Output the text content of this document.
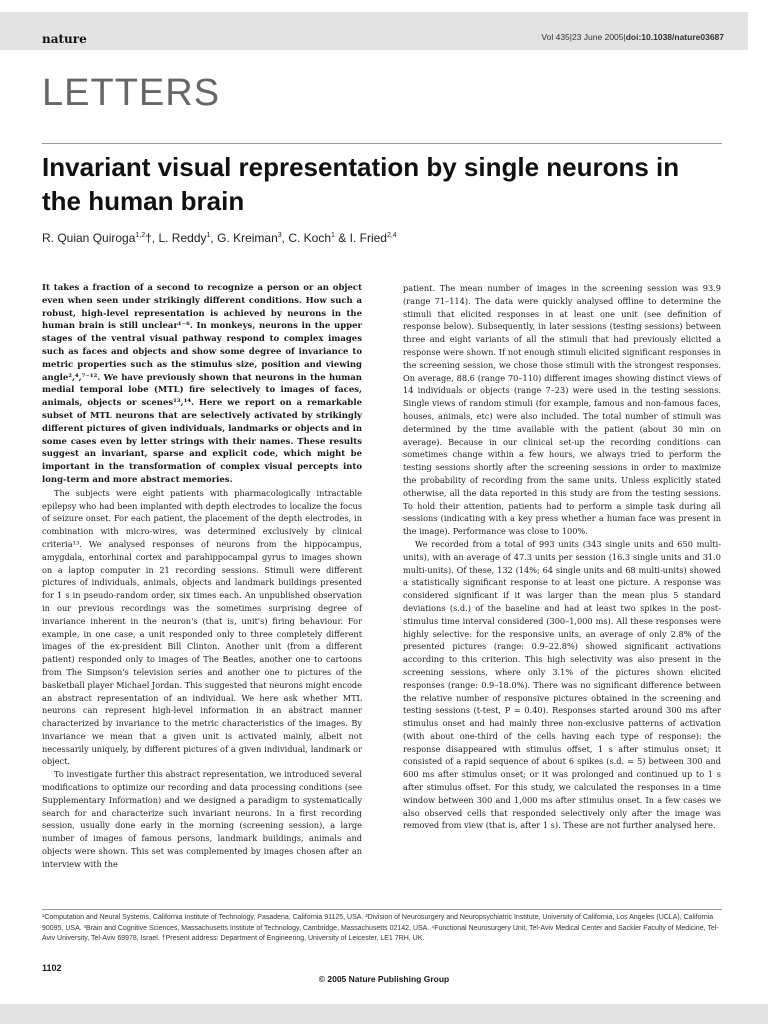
nature	Vol 435|23 June 2005|doi:10.1038/nature03687
LETTERS
Invariant visual representation by single neurons in the human brain
R. Quian Quiroga$^{1,2}$†, L. Reddy$^1$, G. Kreiman$^3$, C. Koch$^1$ & I. Fried$^{2,4}$

It takes a fraction of a second to recognize a person or an object even when seen under strikingly different conditions. How such a robust, high-level representation is achieved by neurons in the human brain is still unclear¹⁻⁶. In monkeys, neurons in the upper stages of the ventral visual pathway respond to complex images such as faces and objects and show some degree of invariance to metric properties such as the stimulus size, position and viewing angle²,⁴,⁷⁻¹². We have previously shown that neurons in the human medial temporal lobe (MTL) fire selectively to images of faces, animals, objects or scenes¹³,¹⁴. Here we report on a remarkable subset of MTL neurons that are selectively activated by strikingly different pictures of given individuals, landmarks or objects and in some cases even by letter strings with their names. These results suggest an invariant, sparse and explicit code, which might be important in the transformation of complex visual percepts into long-term and more abstract memories.

The subjects were eight patients with pharmacologically intractable epilepsy who had been implanted with depth electrodes to localize the focus of seizure onset. For each patient, the placement of the depth electrodes, in combination with micro-wires, was determined exclusively by clinical criteria¹³. We analysed responses of neurons from the hippocampus, amygdala, entorhinal cortex and parahippocampal gyrus to images shown on a laptop computer in 21 recording sessions. Stimuli were different pictures of individuals, animals, objects and landmark buildings presented for 1 s in pseudo-random order, six times each. An unpublished observation in our previous recordings was the sometimes surprising degree of invariance inherent in the neuron's (that is, unit's) firing behaviour. For example, in one case, a unit responded only to three completely different images of the ex-president Bill Clinton. Another unit (from a different patient) responded only to images of The Beatles, another one to cartoons from The Simpson's television series and another one to pictures of the basketball player Michael Jordan. This suggested that neurons might encode an abstract representation of an individual. We here ask whether MTL neurons can represent high-level information in an abstract manner characterized by invariance to the metric characteristics of the images. By invariance we mean that a given unit is activated mainly, albeit not necessarily uniquely, by different pictures of a given individual, landmark or object.

To investigate further this abstract representation, we introduced several modifications to optimize our recording and data processing conditions (see Supplementary Information) and we designed a paradigm to systematically search for and characterize such invariant neurons. In a first recording session, usually done early in the morning (screening session), a large number of images of famous persons, landmark buildings, animals and objects were shown. This set was complemented by images chosen after an interview with the

patient. The mean number of images in the screening session was 93.9 (range 71–114). The data were quickly analysed offline to determine the stimuli that elicited responses in at least one unit (see definition of response below). Subsequently, in later sessions (testing sessions) between three and eight variants of all the stimuli that had previously elicited a response were shown. If not enough stimuli elicited significant responses in the screening session, we chose those stimuli with the strongest responses. On average, 88.6 (range 70–110) different images showing distinct views of 14 individuals or objects (range 7–23) were used in the testing sessions. Single views of random stimuli (for example, famous and non-famous faces, houses, animals, etc) were also included. The total number of stimuli was determined by the time available with the patient (about 30 min on average). Because in our clinical set-up the recording conditions can sometimes change within a few hours, we always tried to perform the testing sessions shortly after the screening sessions in order to maximize the probability of recording from the same units. Unless explicitly stated otherwise, all the data reported in this study are from the testing sessions. To hold their attention, patients had to perform a simple task during all sessions (indicating with a key press whether a human face was present in the image). Performance was close to 100%.

We recorded from a total of 993 units (343 single units and 650 multi-units), with an average of 47.3 units per session (16.3 single units and 31.0 multi-units). Of these, 132 (14%; 64 single units and 68 multi-units) showed a statistically significant response to at least one picture. A response was considered significant if it was larger than the mean plus 5 standard deviations (s.d.) of the baseline and had at least two spikes in the post-stimulus time interval considered (300–1,000 ms). All these responses were highly selective: for the responsive units, an average of only 2.8% of the presented pictures (range: 0.9–22.8%) showed significant activations according to this criterion. This high selectivity was also present in the screening sessions, where only 3.1% of the pictures shown elicited responses (range: 0.9–18.0%). There was no significant difference between the relative number of responsive pictures obtained in the screening and testing sessions (t-test, P = 0.40). Responses started around 300 ms after stimulus onset and had mainly three non-exclusive patterns of activation (with about one-third of the cells having each type of response): the response disappeared with stimulus offset, 1 s after stimulus onset; it consisted of a rapid sequence of about 6 spikes (s.d. = 5) between 300 and 600 ms after stimulus onset; or it was prolonged and continued up to 1 s after stimulus offset. For this study, we calculated the responses in a time window between 300 and 1,000 ms after stimulus onset. In a few cases we also observed cells that responded selectively only after the image was removed from view (that is, after 1 s). These are not further analysed here.

¹Computation and Neural Systems, California Institute of Technology, Pasadena, California 91125, USA. ²Division of Neurosurgery and Neuropsychiatric Institute, University of California, Los Angeles (UCLA), California 90095, USA. ³Brain and Cognitive Sciences, Massachusetts Institute of Technology, Cambridge, Massachusetts 02142, USA. ⁴Functional Neurosurgery Unit, Tel-Aviv Medical Center and Sackler Faculty of Medicine, Tel-Aviv University, Tel-Aviv 69978, Israel. †Present address: Department of Engineering, University of Leicester, LE1 7RH, UK.
1102
© 2005 Nature Publishing Group
